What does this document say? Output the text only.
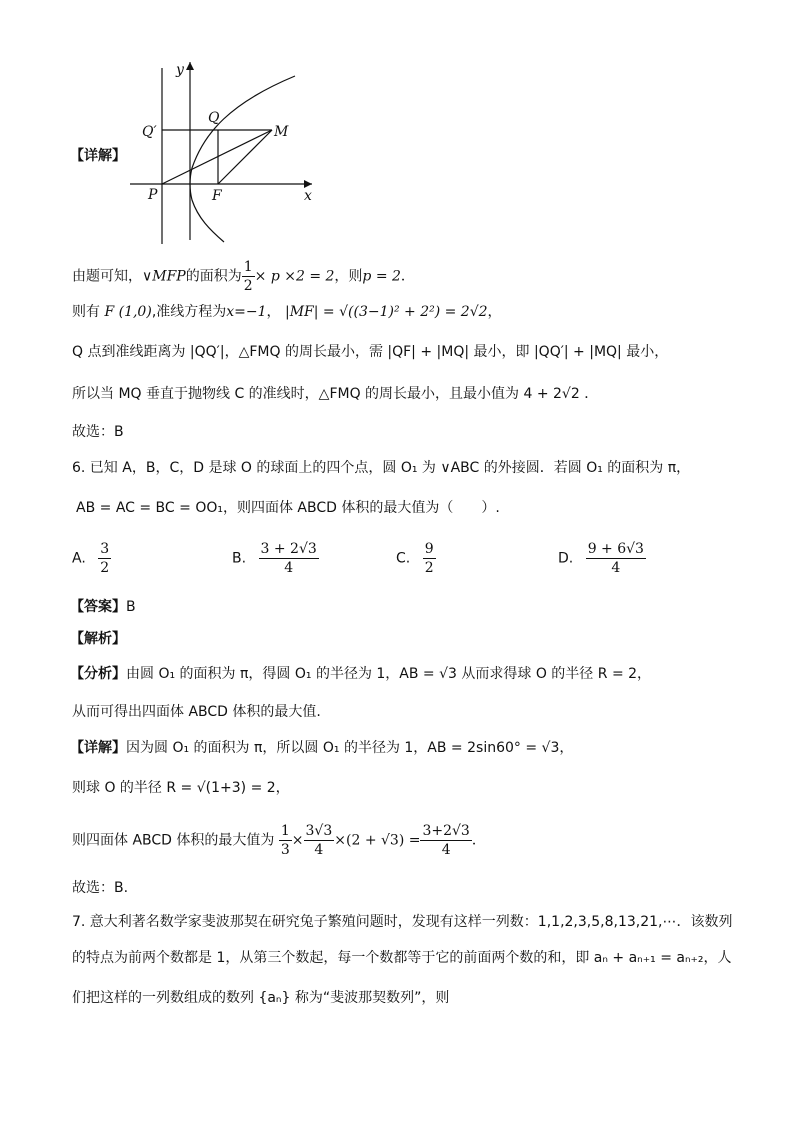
y
x
Q
Q′	M
P	F
【详解】
由题可知，∨MFP的面积为 $\frac{1}{2} \times p \times 2 = 2$，则p = 2．
则有 F (1,0),准线方程为x=−1， |MF| = √((3−1)² + 2²) = 2√2，
Q 点到准线距离为 |QQ′|，△FMQ 的周长最小，需 |QF| + |MQ| 最小，即 |QQ′| + |MQ| 最小，
所以当 MQ 垂直于抛物线 C 的准线时，△FMQ 的周长最小，且最小值为 4 + 2√2 ．
故选：B
6. 已知 A，B，C，D 是球 O 的球面上的四个点，圆 O₁ 为 ∨ABC 的外接圆．若圆 O₁ 的面积为 π，
AB = AC = BC = OO₁，则四面体 ABCD 体积的最大值为（　　）.
A. $\frac{3}{2}$	B. $\frac{3 + 2√3}{4}$	C. $\frac{9}{2}$	D. $\frac{9 + 6√3}{4}$
【答案】B
【解析】
【分析】由圆 O₁ 的面积为 π，得圆 O₁ 的半径为 1，AB = √3 从而求得球 O 的半径 R = 2，
从而可得出四面体 ABCD 体积的最大值.
【详解】因为圆 O₁ 的面积为 π，所以圆 O₁ 的半径为 1，AB = 2sin60° = √3，
则球 O 的半径 R = √(1+3) = 2，
则四面体 ABCD 体积的最大值为 $\frac{1}{3} \times \frac{3√3}{4} \times(2 + √3) = \frac{3+2√3}{4}$ ．
故选：B.
7. 意大利著名数学家斐波那契在研究兔子繁殖问题时，发现有这样一列数：1,1,2,3,5,8,13,21,⋯．该数列
的特点为前两个数都是 1，从第三个数起，每一个数都等于它的前面两个数的和，即 aₙ + aₙ₊₁ = aₙ₊₂，人
们把这样的一列数组成的数列 {aₙ} 称为“斐波那契数列”，则
